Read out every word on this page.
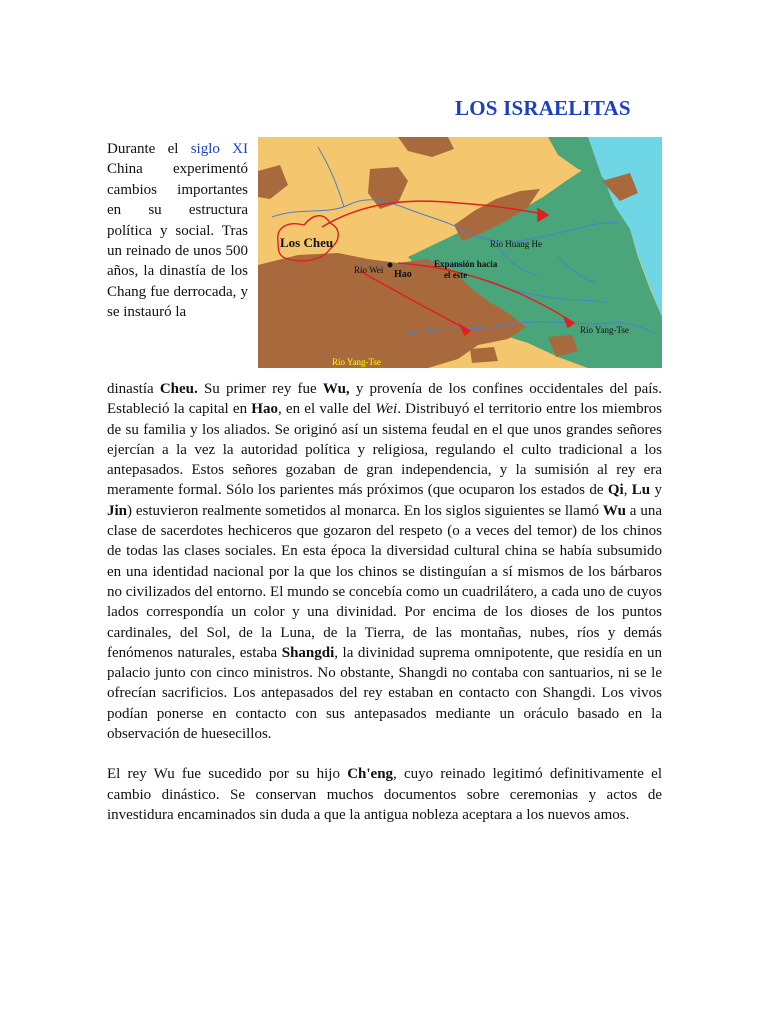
LOS ISRAELITAS

Durante el siglo XI China experimentó cambios importantes en su estructura política y social. Tras un reinado de unos 500 años, la dinastía de los Chang fue derrocada, y se instauró la

Los Cheu
Río Wei Hao
Expansión hacia
el este
Río Huang He
Río Yang-Tse
Río Yang-Tse

dinastía Cheu. Su primer rey fue Wu, y provenía de los confines occidentales del país. Estableció la capital en Hao, en el valle del Wei. Distribuyó el territorio entre los miembros de su familia y los aliados. Se originó así un sistema feudal en el que unos grandes señores ejercían a la vez la autoridad política y religiosa, regulando el culto tradicional a los antepasados. Estos señores gozaban de gran independencia, y la sumisión al rey era meramente formal. Sólo los parientes más próximos (que ocuparon los estados de Qi, Lu y Jin) estuvieron realmente sometidos al monarca. En los siglos siguientes se llamó Wu a una clase de sacerdotes hechiceros que gozaron del respeto (o a veces del temor) de los chinos de todas las clases sociales. En esta época la diversidad cultural china se había subsumido en una identidad nacional por la que los chinos se distinguían a sí mismos de los bárbaros no civilizados del entorno. El mundo se concebía como un cuadrilátero, a cada uno de cuyos lados correspondía un color y una divinidad. Por encima de los dioses de los puntos cardinales, del Sol, de la Luna, de la Tierra, de las montañas, nubes, ríos y demás fenómenos naturales, estaba Shangdi, la divinidad suprema omnipotente, que residía en un palacio junto con cinco ministros. No obstante, Shangdi no contaba con santuarios, ni se le ofrecían sacrificios. Los antepasados del rey estaban en contacto con Shangdi. Los vivos podían ponerse en contacto con sus antepasados mediante un oráculo basado en la observación de huesecillos.

El rey Wu fue sucedido por su hijo Ch'eng, cuyo reinado legitimó definitivamente el cambio dinástico. Se conservan muchos documentos sobre ceremonias y actos de investidura encaminados sin duda a que la antigua nobleza aceptara a los nuevos amos.
